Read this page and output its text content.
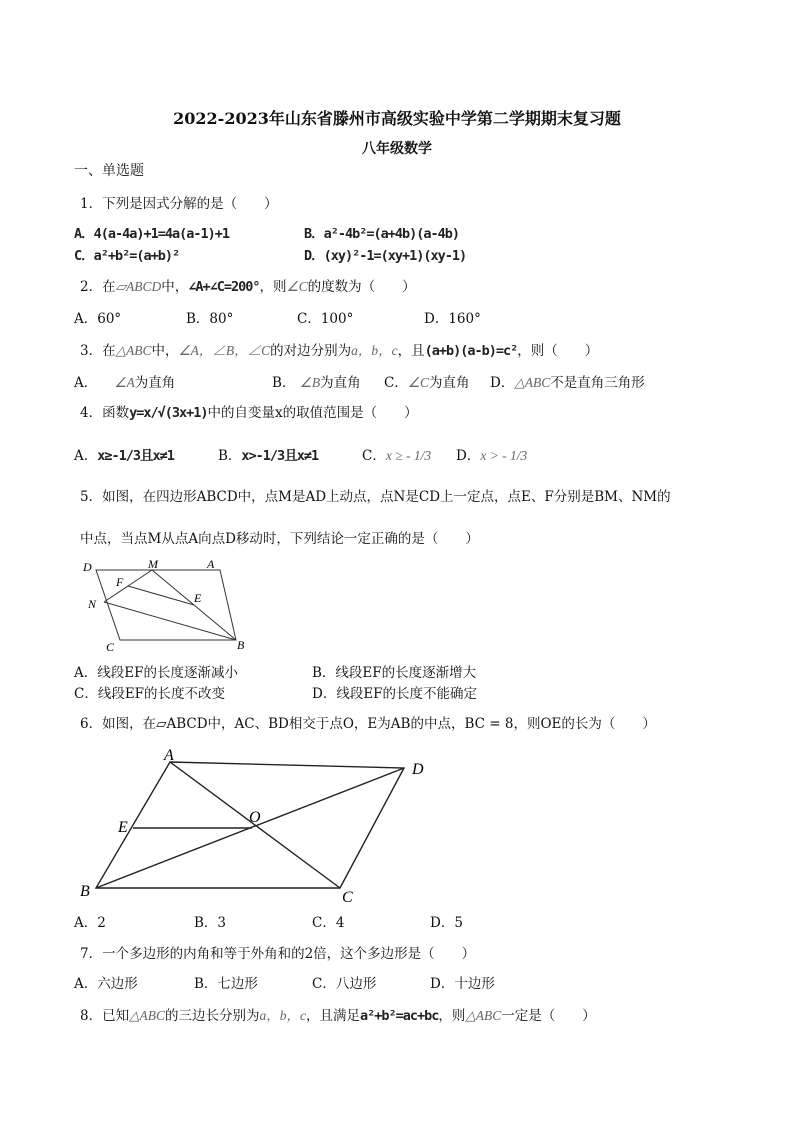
2022-2023年山东省滕州市高级实验中学第二学期期末复习题
八年级数学
一、单选题
1．下列是因式分解的是（　　）
A．4(a-4a)+1=4a(a-1)+1	B．a²-4b²=(a+4b)(a-4b)
C．a²+b²=(a+b)²	D．(xy)²-1=(xy+1)(xy-1)
2．在▱ABCD中，∠A+∠C=200°，则∠C的度数为（　　）
A．60°	B．80°	C．100°	D．160°
3．在△ABC中，∠A，∠B，∠C的对边分别为a，b，c，且(a+b)(a-b)=c²，则（　　）
A． ∠A为直角	B． ∠B为直角 C．∠C为直角 D．△ABC不是直角三角形
4．函数y=x/√(3x+1)中的自变量x的取值范围是（　　）
A．x≥-1/3且x≠1	B．x>-1/3且x≠1	C．x ≥ - 1/3 D．x > - 1/3
5．如图，在四边形ABCD中，点M是AD上动点，点N是CD上一定点，点E、F分别是BM、NM的
中点，当点M从点A向点D移动时，下列结论一定正确的是（　　）
D	M	A
F
E
N
C	B
A．线段EF的长度逐渐减小	B．线段EF的长度逐渐增大
C．线段EF的长度不改变	D．线段EF的长度不能确定
6．如图，在▱ABCD中，AC、BD相交于点O，E为AB的中点，BC = 8，则OE的长为（　　）
A
D
E
O
B	C
A．2	B．3	C．4	D．5
7．一个多边形的内角和等于外角和的2倍，这个多边形是（　　）
A．六边形	B．七边形	C．八边形	D．十边形
8．已知△ABC的三边长分别为a，b，c，且满足a²+b²=ac+bc，则△ABC一定是（　　）
